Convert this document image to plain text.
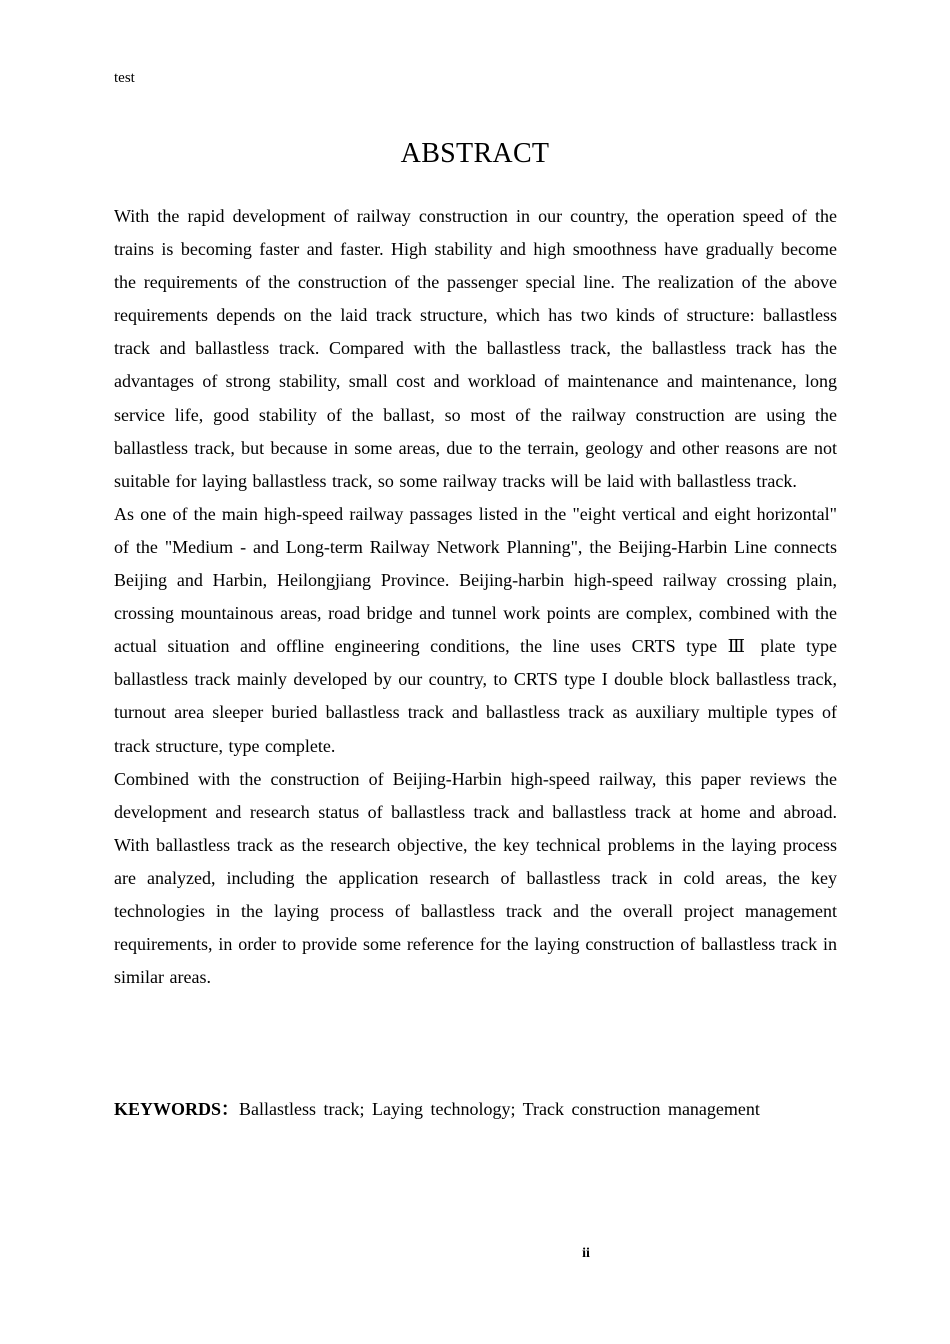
test
ABSTRACT

With the rapid development of railway construction in our country, the operation speed of the trains is becoming faster and faster. High stability and high smoothness have gradually become the requirements of the construction of the passenger special line. The realization of the above requirements depends on the laid track structure, which has two kinds of structure: ballastless track and ballastless track. Compared with the ballastless track, the ballastless track has the advantages of strong stability, small cost and workload of maintenance and maintenance, long service life, good stability of the ballast, so most of the railway construction are using the ballastless track, but because in some areas, due to the terrain, geology and other reasons are not suitable for laying ballastless track, so some railway tracks will be laid with ballastless track.

As one of the main high-speed railway passages listed in the "eight vertical and eight horizontal" of the "Medium - and Long-term Railway Network Planning", the Beijing-Harbin Line connects Beijing and Harbin, Heilongjiang Province. Beijing-harbin high-speed railway crossing plain, crossing mountainous areas, road bridge and tunnel work points are complex, combined with the actual situation and offline engineering conditions, the line uses CRTS type Ⅲ plate type ballastless track mainly developed by our country, to CRTS type I double block ballastless track, turnout area sleeper buried ballastless track and ballastless track as auxiliary multiple types of track structure, type complete.

Combined with the construction of Beijing-Harbin high-speed railway, this paper reviews the development and research status of ballastless track and ballastless track at home and abroad. With ballastless track as the research objective, the key technical problems in the laying process are analyzed, including the application research of ballastless track in cold areas, the key technologies in the laying process of ballastless track and the overall project management requirements, in order to provide some reference for the laying construction of ballastless track in similar areas.

KEYWORDS：Ballastless track; Laying technology; Track construction management
ii
